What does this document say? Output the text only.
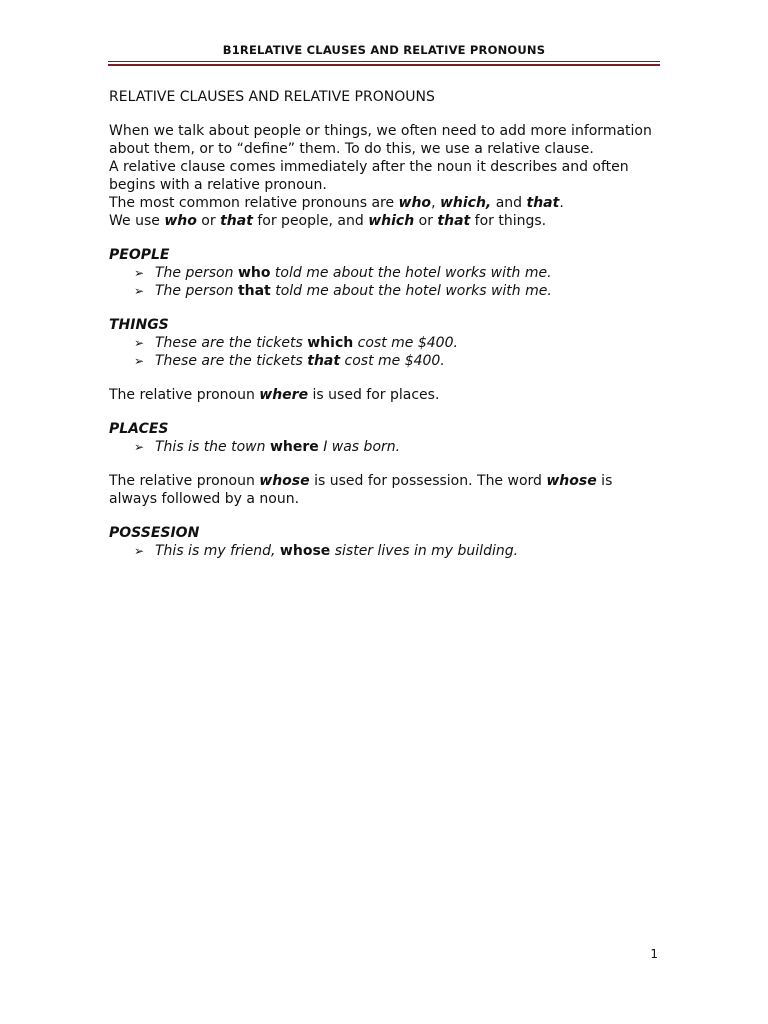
B1RELATIVE CLAUSES AND RELATIVE PRONOUNS

RELATIVE CLAUSES AND RELATIVE PRONOUNS

When we talk about people or things, we often need to add more information about them, or to “define” them. To do this, we use a relative clause.

A relative clause comes immediately after the noun it describes and often begins with a relative pronoun.

The most common relative pronouns are who, which, and that.

We use who or that for people, and which or that for things.

PEOPLE

➢ The person who told me about the hotel works with me.
➢ The person that told me about the hotel works with me.

THINGS

➢ These are the tickets which cost me $400.
➢ These are the tickets that cost me $400.

The relative pronoun where is used for places.

PLACES

➢ This is the town where I was born.

The relative pronoun whose is used for possession. The word whose is always followed by a noun.

POSSESION

➢ This is my friend, whose sister lives in my building.
1
